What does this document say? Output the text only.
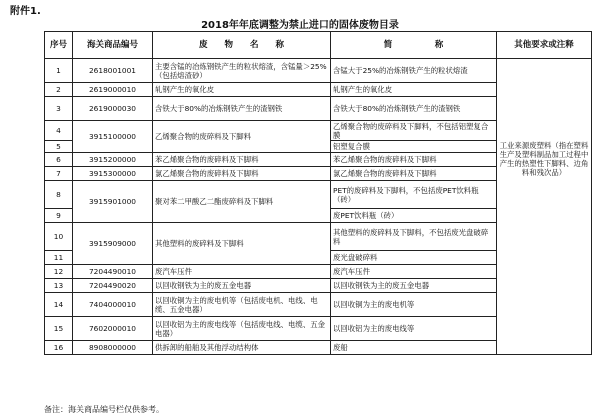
附件1.
2018年年底调整为禁止进口的固体废物目录
序号	海关商品编号	废　　物　　名　　称	简　　　　　称	其他要求或注释
1	2618001001	主要含锰的冶炼钢铁产生的粒状熔渣，含锰量＞25%（包括熔渣砂）	含锰大于25%的冶炼钢铁产生的粒状熔渣	工业来源废塑料（指在塑料生产及塑料制品加工过程中产生的热塑性下脚料、边角料和残次品）
2	2619000010	轧钢产生的氧化皮	轧钢产生的氧化皮	
3	2619000030	含铁大于80%的冶炼钢铁产生的渣钢铁	含铁大于80%的冶炼钢铁产生的渣钢铁	
4	3915100000	乙烯聚合物的废碎料及下脚料	乙烯聚合物的废碎料及下脚料，不包括铝塑复合膜	
5			铝塑复合膜	
6	3915200000	苯乙烯聚合物的废碎料及下脚料	苯乙烯聚合物的废碎料及下脚料	
7	3915300000	氯乙烯聚合物的废碎料及下脚料	氯乙烯聚合物的废碎料及下脚料	
8	3915901000	聚对苯二甲酸乙二酯废碎料及下脚料	PET的废碎料及下脚料，不包括废PET饮料瓶（砖）	
9			废PET饮料瓶（砖）	
10	3915909000	其他塑料的废碎料及下脚料	其他塑料的废碎料及下脚料，不包括废光盘破碎料	
11			废光盘破碎料	
12	7204490010	废汽车压件	废汽车压件	
13	7204490020	以回收钢铁为主的废五金电器	以回收钢铁为主的废五金电器	
14	7404000010	以回收铜为主的废电机等（包括废电机、电线、电缆、五金电器）	以回收铜为主的废电机等	
15	7602000010	以回收铝为主的废电线等（包括废电线、电缆、五金电器）	以回收铝为主的废电线等	
16	8908000000	供拆卸的船舶及其他浮动结构体	废船	
备注：海关商品编号栏仅供参考。
